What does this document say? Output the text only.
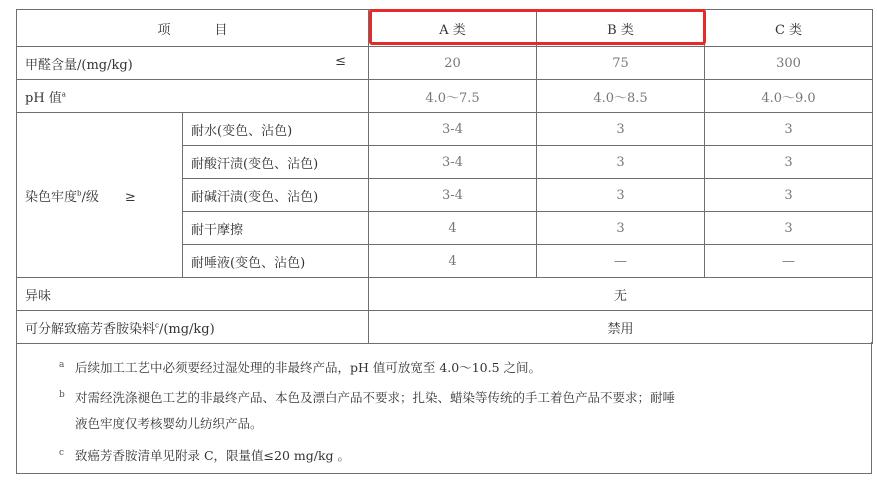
项 目		A 类	B 类	C 类
甲醛含量/(mg/kg) ≤		20	75	300
pH 值$^a$		4.0～7.5	4.0～8.5	4.0～9.0
染色牢度$^b$/级 ≥	耐水(变色、沾色)	3-4	3	3
	耐酸汗渍(变色、沾色)	3-4	3	3
	耐碱汗渍(变色、沾色)	3-4	3	3
	耐干摩擦	4	3	3
	耐唾液(变色、沾色)	4	—	—
异味		无		
可分解致癌芳香胺染料$^c$/(mg/kg)		禁用		
a 后续加工工艺中必须要经过湿处理的非最终产品，pH 值可放宽至 4.0～10.5 之间。
b 对需经洗涤褪色工艺的非最终产品、本色及漂白产品不要求；扎染、蜡染等传统的手工着色产品不要求；耐唾
液色牢度仅考核婴幼儿纺织产品。
c 致癌芳香胺清单见附录 C，限量值≤20 mg/kg 。
